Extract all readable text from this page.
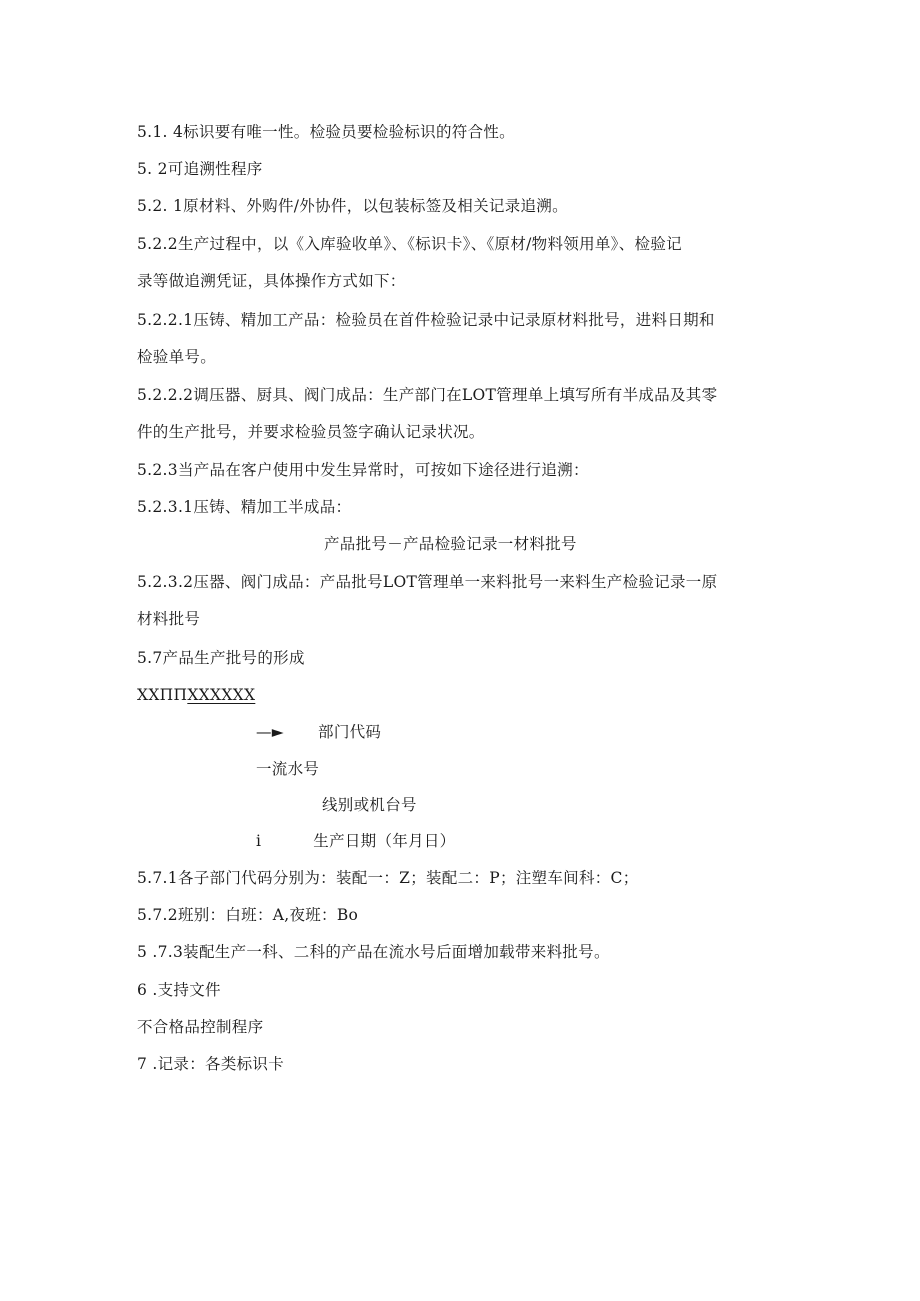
5.1. 4标识要有唯一性。检验员要检验标识的符合性。
5. 2可追溯性程序
5.2. 1原材料、外购件/外协件，以包装标签及相关记录追溯。
5.2.2生产过程中，以《入库验收单》、《标识卡》、《原材/物料领用单》、检验记
录等做追溯凭证，具体操作方式如下：
5.2.2.1压铸、精加工产品：检验员在首件检验记录中记录原材料批号，进料日期和
检验单号。
5.2.2.2调压器、厨具、阀门成品：生产部门在LOT管理单上填写所有半成品及其零
件的生产批号，并要求检验员签字确认记录状况。
5.2.3当产品在客户使用中发生异常时，可按如下途径进行追溯：
5.2.3.1压铸、精加工半成品：
产品批号－产品检验记录一材料批号
5.2.3.2压器、阀门成品：产品批号LOT管理单一来料批号一来料生产检验记录一原
材料批号
5.7产品生产批号的形成
XXΠΠXXXXXX
—► 部门代码
一流水号
线别或机台号
i	生产日期（年月日）
5.7.1各子部门代码分别为：装配一：Z；装配二：P；注塑车间科：C；
5.7.2班别：白班：A,夜班：Bo
5 .7.3装配生产一科、二科的产品在流水号后面增加载带来料批号。
6 .支持文件
不合格品控制程序
7 .记录：各类标识卡
